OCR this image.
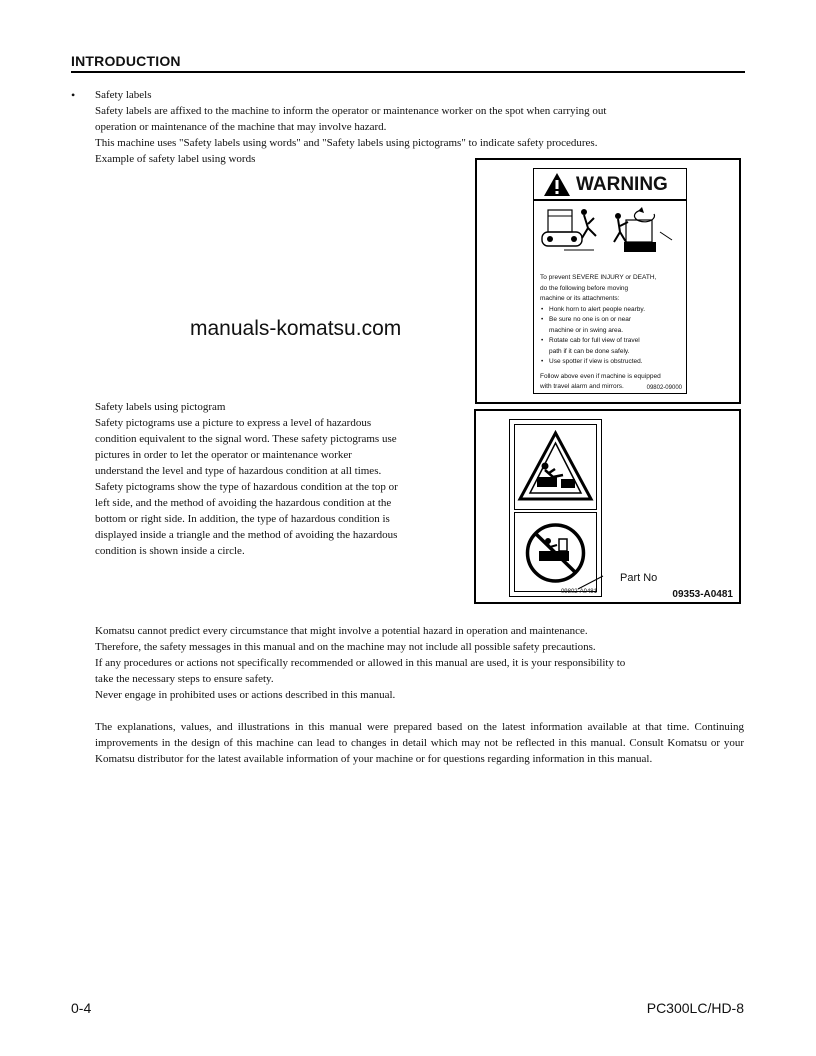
INTRODUCTION
• Safety labels
Safety labels are affixed to the machine to inform the operator or maintenance worker on the spot when carrying out
operation or maintenance of the machine that may involve hazard.
This machine uses "Safety labels using words" and "Safety labels using pictograms" to indicate safety procedures.
Example of safety label using words
manuals-komatsu.com
WARNING
To prevent SEVERE INJURY or DEATH,
do the following before moving
machine or its attachments:
• Honk horn to alert people nearby.
• Be sure no one is on or near
machine or in swing area.
• Rotate cab for full view of travel
path if it can be done safely.
• Use spotter if view is obstructed.
Follow above even if machine is equipped
with travel alarm and mirrors.	09802-09000
Safety labels using pictogram
Safety pictograms use a picture to express a level of hazardous
condition equivalent to the signal word. These safety pictograms use
pictures in order to let the operator or maintenance worker
understand the level and type of hazardous condition at all times.
Safety pictograms show the type of hazardous condition at the top or
left side, and the method of avoiding the hazardous condition at the
bottom or right side. In addition, the type of hazardous condition is
displayed inside a triangle and the method of avoiding the hazardous
condition is shown inside a circle.
09802-A0481
Part No
09353-A0481
Komatsu cannot predict every circumstance that might involve a potential hazard in operation and maintenance.
Therefore, the safety messages in this manual and on the machine may not include all possible safety precautions.
If any procedures or actions not specifically recommended or allowed in this manual are used, it is your responsibility to
take the necessary steps to ensure safety.
Never engage in prohibited uses or actions described in this manual.
The explanations, values, and illustrations in this manual were prepared based on the latest information available at that time. Continuing improvements in the design of this machine can lead to changes in detail which may not be reflected in this manual. Consult Komatsu or your Komatsu distributor for the latest available information of your machine or for questions regarding information in this manual.
0-4	PC300LC/HD-8
